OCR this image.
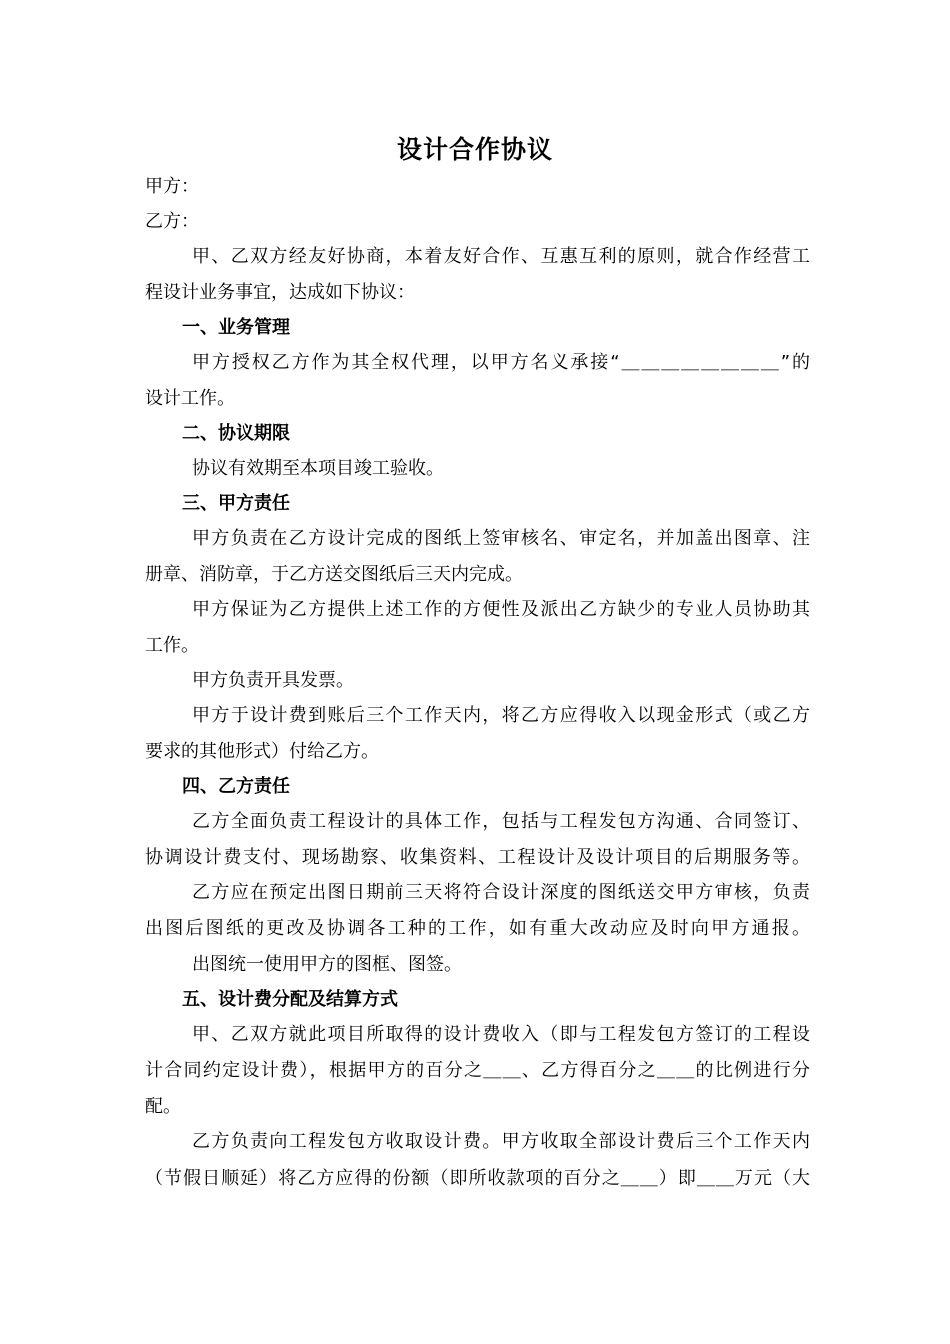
设计合作协议
甲方：
乙方：
甲、乙双方经友好协商，本着友好合作、互惠互利的原则，就合作经营工
程设计业务事宜，达成如下协议：
一、业务管理
甲方授权乙方作为其全权代理，以甲方名义承接“＿＿＿＿＿＿＿＿”的
设计工作。
二、协议期限
协议有效期至本项目竣工验收。
三、甲方责任
甲方负责在乙方设计完成的图纸上签审核名、审定名，并加盖出图章、注
册章、消防章，于乙方送交图纸后三天内完成。
甲方保证为乙方提供上述工作的方便性及派出乙方缺少的专业人员协助其
工作。
甲方负责开具发票。
甲方于设计费到账后三个工作天内，将乙方应得收入以现金形式（或乙方
要求的其他形式）付给乙方。
四、乙方责任
乙方全面负责工程设计的具体工作，包括与工程发包方沟通、合同签订、
协调设计费支付、现场勘察、收集资料、工程设计及设计项目的后期服务等。
乙方应在预定出图日期前三天将符合设计深度的图纸送交甲方审核，负责
出图后图纸的更改及协调各工种的工作，如有重大改动应及时向甲方通报。
出图统一使用甲方的图框、图签。
五、设计费分配及结算方式
甲、乙双方就此项目所取得的设计费收入（即与工程发包方签订的工程设
计合同约定设计费），根据甲方的百分之＿＿、乙方得百分之＿＿的比例进行分
配。
乙方负责向工程发包方收取设计费。甲方收取全部设计费后三个工作天内
（节假日顺延）将乙方应得的份额（即所收款项的百分之＿＿）即＿＿万元（大
